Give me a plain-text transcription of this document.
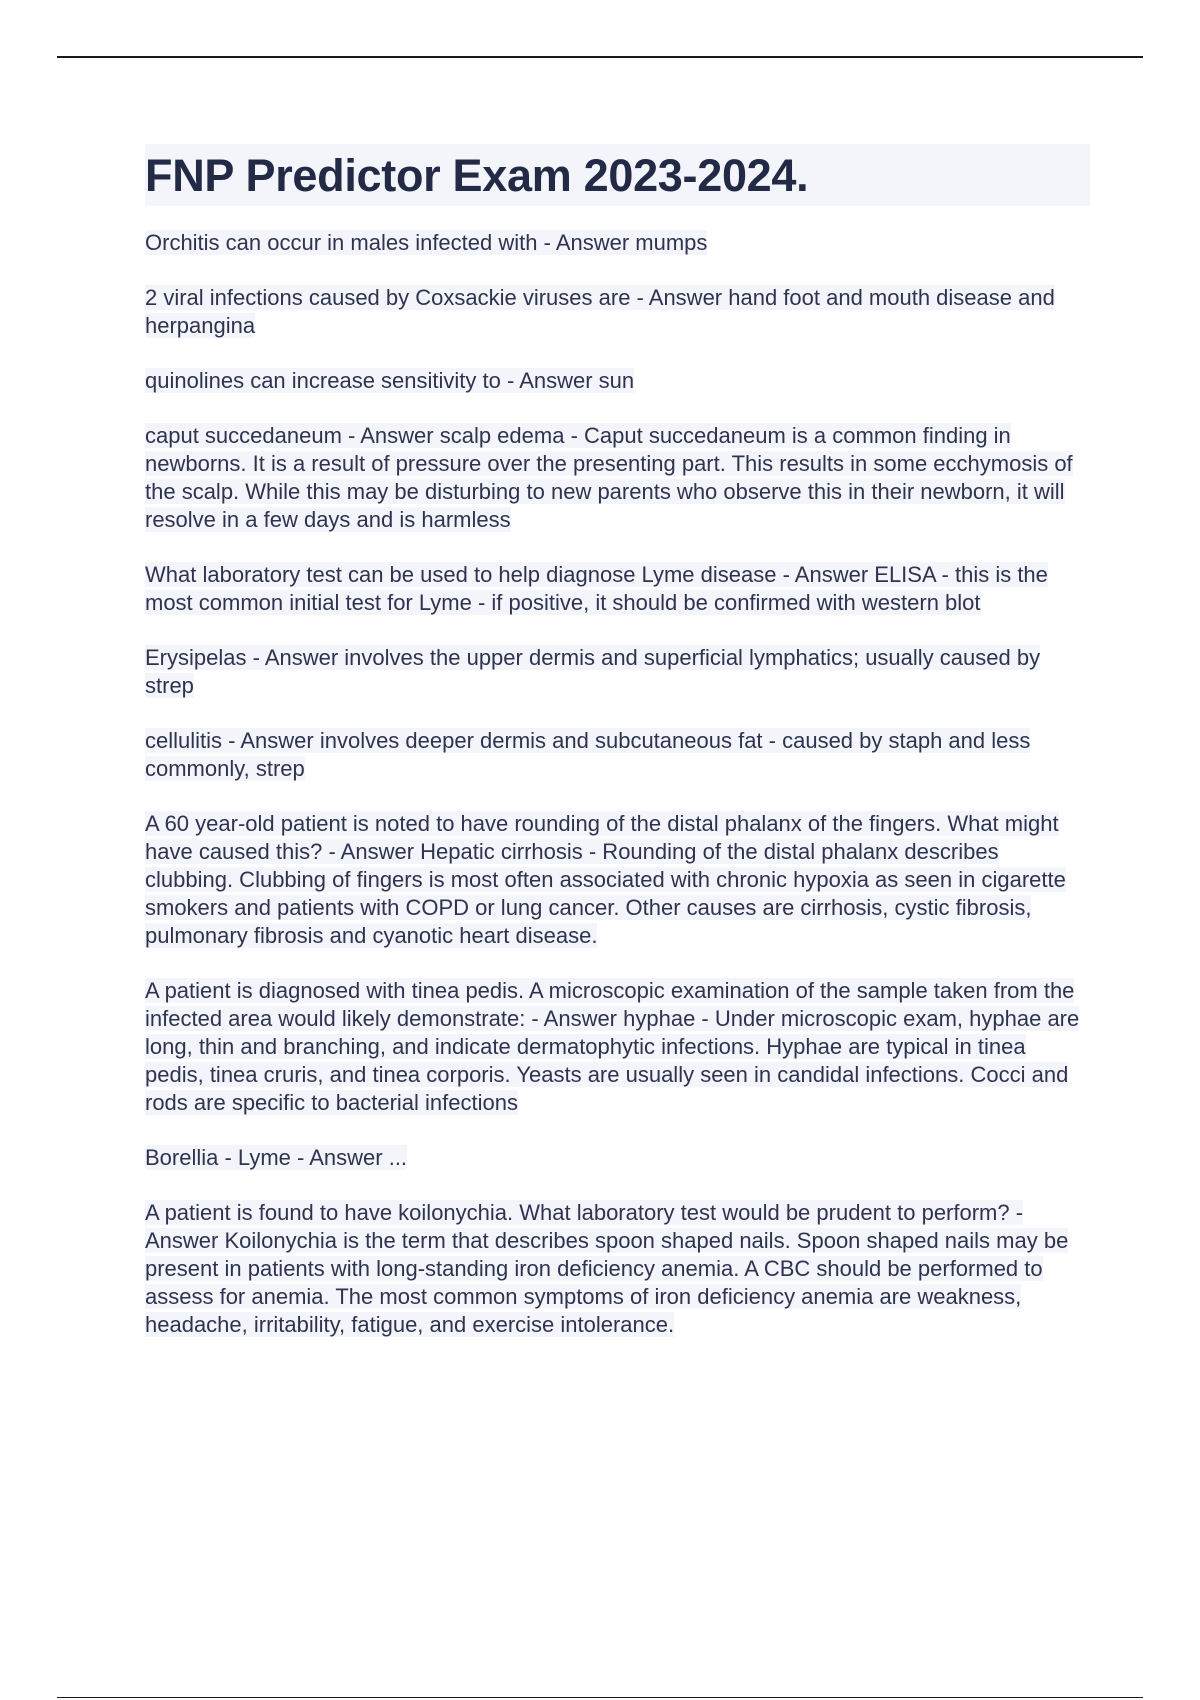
FNP Predictor Exam 2023-2024.

Orchitis can occur in males infected with - Answer mumps

2 viral infections caused by Coxsackie viruses are - Answer hand foot and mouth disease and herpangina

quinolines can increase sensitivity to - Answer sun

caput succedaneum - Answer scalp edema - Caput succedaneum is a common finding in newborns. It is a result of pressure over the presenting part. This results in some ecchymosis of the scalp. While this may be disturbing to new parents who observe this in their newborn, it will resolve in a few days and is harmless

What laboratory test can be used to help diagnose Lyme disease - Answer ELISA - this is the most common initial test for Lyme - if positive, it should be confirmed with western blot

Erysipelas - Answer involves the upper dermis and superficial lymphatics; usually caused by strep

cellulitis - Answer involves deeper dermis and subcutaneous fat - caused by staph and less commonly, strep

A 60 year-old patient is noted to have rounding of the distal phalanx of the fingers. What might have caused this? - Answer Hepatic cirrhosis - Rounding of the distal phalanx describes clubbing. Clubbing of fingers is most often associated with chronic hypoxia as seen in cigarette smokers and patients with COPD or lung cancer. Other causes are cirrhosis, cystic fibrosis, pulmonary fibrosis and cyanotic heart disease.

A patient is diagnosed with tinea pedis. A microscopic examination of the sample taken from the infected area would likely demonstrate: - Answer hyphae - Under microscopic exam, hyphae are long, thin and branching, and indicate dermatophytic infections. Hyphae are typical in tinea pedis, tinea cruris, and tinea corporis. Yeasts are usually seen in candidal infections. Cocci and rods are specific to bacterial infections

Borellia - Lyme - Answer ...

A patient is found to have koilonychia. What laboratory test would be prudent to perform? - Answer Koilonychia is the term that describes spoon shaped nails. Spoon shaped nails may be present in patients with long-standing iron deficiency anemia. A CBC should be performed to assess for anemia. The most common symptoms of iron deficiency anemia are weakness, headache, irritability, fatigue, and exercise intolerance.
